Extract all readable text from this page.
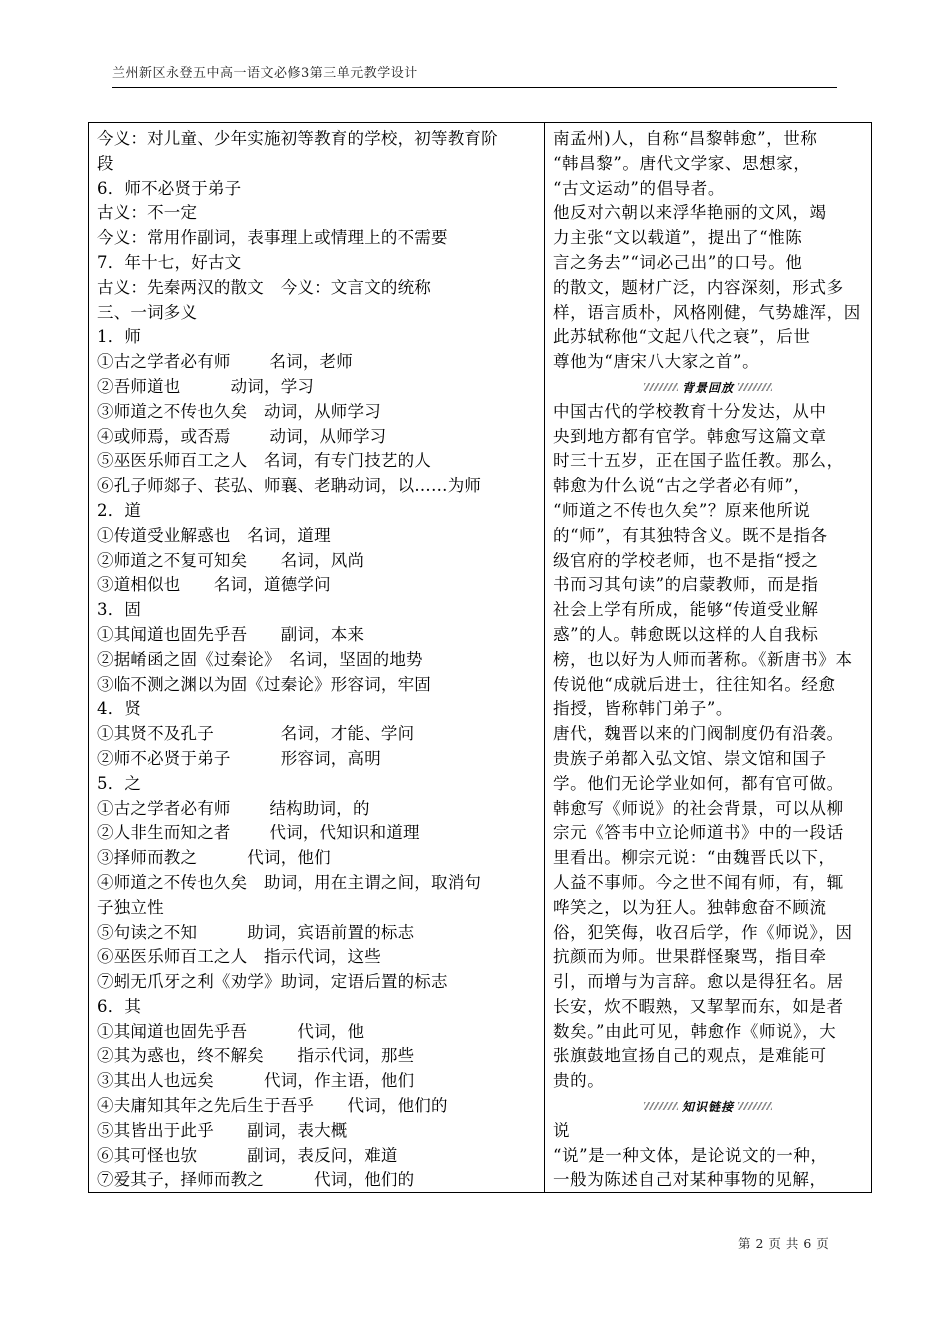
兰州新区永登五中高一语文必修3第三单元教学设计
今义：对儿童、少年实施初等教育的学校，初等教育阶
段
6．师不必贤于弟子
古义：不一定
今义：常用作副词，表事理上或情理上的不需要
7．年十七，好古文
古义：先秦两汉的散文　今义：文言文的统称
三、一词多义
1．师
①古之学者必有师　　 名词，老师
②吾师道也　　　动词，学习
③师道之不传也久矣　动词，从师学习
④或师焉，或否焉　　 动词，从师学习
⑤巫医乐师百工之人　名词，有专门技艺的人
⑥孔子师郯子、苌弘、师襄、老聃动词，以……为师
2．道
①传道受业解惑也　名词，道理
②师道之不复可知矣　　名词，风尚
③道相似也　　名词，道德学问
3．固
①其闻道也固先乎吾　　副词，本来
②据崤函之固《过秦论》　名词，坚固的地势
③临不测之渊以为固《过秦论》形容词，牢固
4．贤
①其贤不及孔子　　　　名词，才能、学问
②师不必贤于弟子　　　形容词，高明
5．之
①古之学者必有师　　 结构助词，的
②人非生而知之者　　 代词，代知识和道理
③择师而教之　　　代词，他们
④师道之不传也久矣　助词，用在主谓之间，取消句
子独立性
⑤句读之不知　　　助词，宾语前置的标志
⑥巫医乐师百工之人　指示代词，这些
⑦蚓无爪牙之利《劝学》助词，定语后置的标志
6．其
①其闻道也固先乎吾　　　代词，他
②其为惑也，终不解矣　　指示代词，那些
③其出人也远矣　　　代词，作主语，他们
④夫庸知其年之先后生于吾乎　　代词，他们的
⑤其皆出于此乎　　副词，表大概
⑥其可怪也欤　　　副词，表反问，难道
⑦爱其子，择师而教之　　　代词，他们的
南孟州)人，自称“昌黎韩愈”，世称
“韩昌黎”。唐代文学家、思想家，
“古文运动”的倡导者。
他反对六朝以来浮华艳丽的文风，竭
力主张“文以载道”，提出了“惟陈
言之务去”“词必己出”的口号。他
的散文，题材广泛，内容深刻，形式多
样，语言质朴，风格刚健，气势雄浑，因
此苏轼称他“文起八代之衰”，后世
尊他为“唐宋八大家之首”。
背景回放
中国古代的学校教育十分发达，从中
央到地方都有官学。韩愈写这篇文章
时三十五岁，正在国子监任教。那么，
韩愈为什么说“古之学者必有师”，
“师道之不传也久矣”？原来他所说
的“师”，有其独特含义。既不是指各
级官府的学校老师，也不是指“授之
书而习其句读”的启蒙教师，而是指
社会上学有所成，能够“传道受业解
惑”的人。韩愈既以这样的人自我标
榜，也以好为人师而著称。《新唐书》本
传说他“成就后进士，往往知名。经愈
指授，皆称韩门弟子”。
唐代，魏晋以来的门阀制度仍有沿袭。
贵族子弟都入弘文馆、崇文馆和国子
学。他们无论学业如何，都有官可做。
韩愈写《师说》的社会背景，可以从柳
宗元《答韦中立论师道书》中的一段话
里看出。柳宗元说：“由魏晋氏以下，
人益不事师。今之世不闻有师，有，辄
哗笑之，以为狂人。独韩愈奋不顾流
俗，犯笑侮，收召后学，作《师说》，因
抗颜而为师。世果群怪聚骂，指目牵
引，而增与为言辞。愈以是得狂名。居
长安，炊不暇熟，又挈挈而东，如是者
数矣。”由此可见，韩愈作《师说》，大
张旗鼓地宣扬自己的观点，是难能可
贵的。
知识链接
说
“说”是一种文体，是论说文的一种，
一般为陈述自己对某种事物的见解，
第 2 页 共 6 页
